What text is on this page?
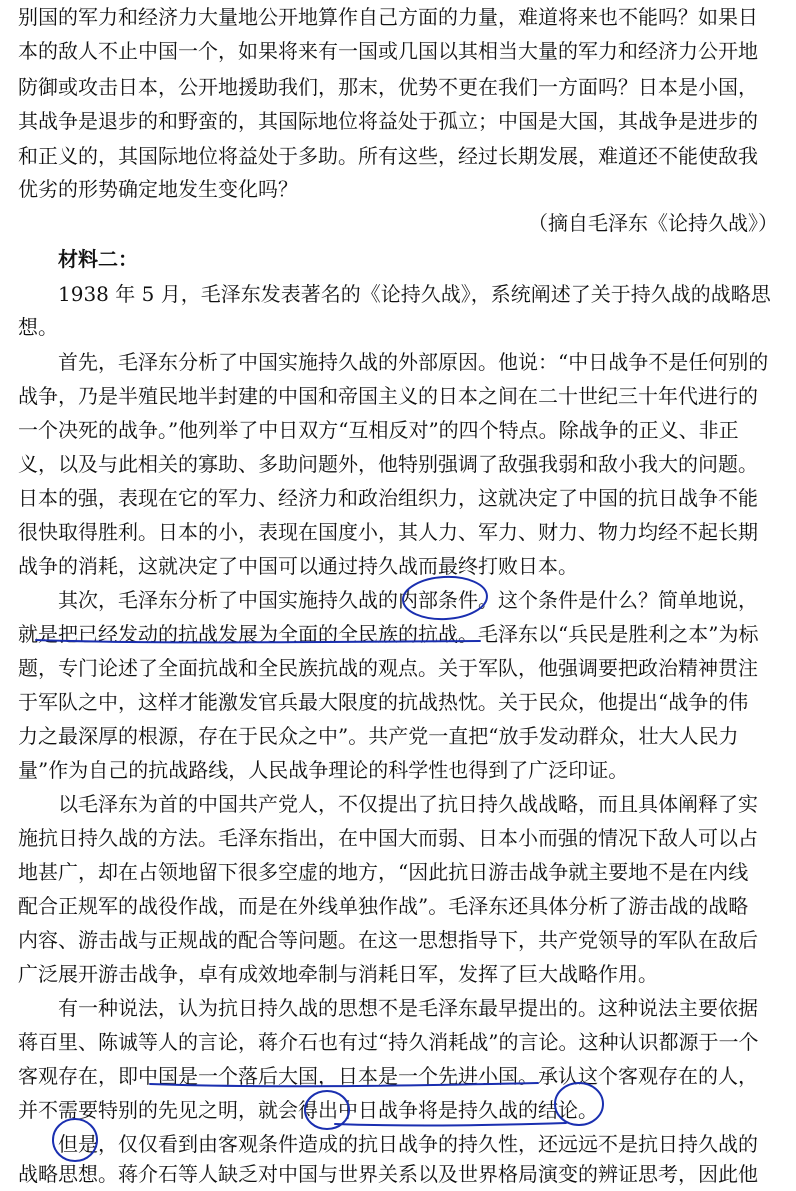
别国的军力和经济力大量地公开地算作自己方面的力量，难道将来也不能吗？如果日
本的敌人不止中国一个，如果将来有一国或几国以其相当大量的军力和经济力公开地
防御或攻击日本，公开地援助我们，那末，优势不更在我们一方面吗？日本是小国，
其战争是退步的和野蛮的，其国际地位将益处于孤立；中国是大国，其战争是进步的
和正义的，其国际地位将益处于多助。所有这些，经过长期发展，难道还不能使敌我
优劣的形势确定地发生变化吗？
（摘自毛泽东《论持久战》）
材料二：
1938 年 5 月，毛泽东发表著名的《论持久战》，系统阐述了关于持久战的战略思
想。
首先，毛泽东分析了中国实施持久战的外部原因。他说：“中日战争不是任何别的
战争，乃是半殖民地半封建的中国和帝国主义的日本之间在二十世纪三十年代进行的
一个决死的战争。”他列举了中日双方“互相反对”的四个特点。除战争的正义、非正
义，以及与此相关的寡助、多助问题外，他特别强调了敌强我弱和敌小我大的问题。
日本的强，表现在它的军力、经济力和政治组织力，这就决定了中国的抗日战争不能
很快取得胜利。日本的小，表现在国度小，其人力、军力、财力、物力均经不起长期
战争的消耗，这就决定了中国可以通过持久战而最终打败日本。
其次，毛泽东分析了中国实施持久战的内部条件。这个条件是什么？简单地说，
就是把已经发动的抗战发展为全面的全民族的抗战。毛泽东以“兵民是胜利之本”为标
题，专门论述了全面抗战和全民族抗战的观点。关于军队，他强调要把政治精神贯注
于军队之中，这样才能激发官兵最大限度的抗战热忱。关于民众，他提出“战争的伟
力之最深厚的根源，存在于民众之中”。共产党一直把“放手发动群众，壮大人民力
量”作为自己的抗战路线，人民战争理论的科学性也得到了广泛印证。
以毛泽东为首的中国共产党人，不仅提出了抗日持久战战略，而且具体阐释了实
施抗日持久战的方法。毛泽东指出，在中国大而弱、日本小而强的情况下敌人可以占
地甚广，却在占领地留下很多空虚的地方，“因此抗日游击战争就主要地不是在内线
配合正规军的战役作战，而是在外线单独作战”。毛泽东还具体分析了游击战的战略
内容、游击战与正规战的配合等问题。在这一思想指导下，共产党领导的军队在敌后
广泛展开游击战争，卓有成效地牵制与消耗日军，发挥了巨大战略作用。
有一种说法，认为抗日持久战的思想不是毛泽东最早提出的。这种说法主要依据
蒋百里、陈诚等人的言论，蒋介石也有过“持久消耗战”的言论。这种认识都源于一个
客观存在，即中国是一个落后大国，日本是一个先进小国。承认这个客观存在的人，
并不需要特别的先见之明，就会得出中日战争将是持久战的结论。
但是，仅仅看到由客观条件造成的抗日战争的持久性，还远远不是抗日持久战的
战略思想。蒋介石等人缺乏对中国与世界关系以及世界格局演变的辨证思考，因此他
